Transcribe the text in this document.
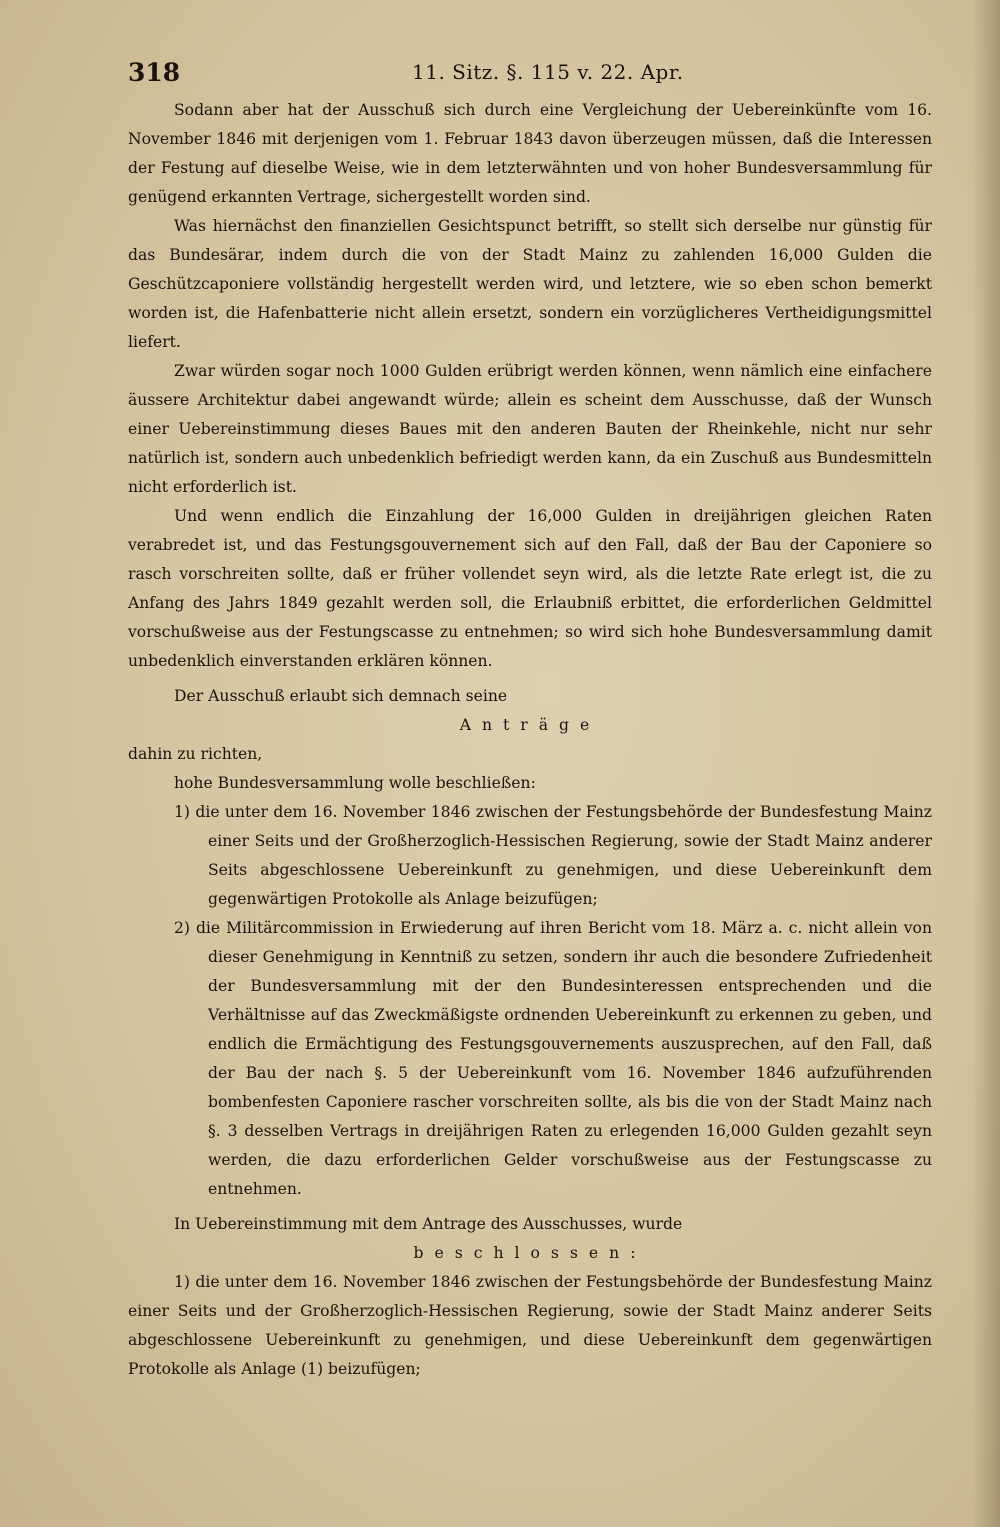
318	11. Sitz. §. 115 v. 22. Apr.

Sodann aber hat der Ausschuß sich durch eine Vergleichung der Uebereinkünfte vom 16. November 1846 mit derjenigen vom 1. Februar 1843 davon überzeugen müssen, daß die Interessen der Festung auf dieselbe Weise, wie in dem letzterwähnten und von hoher Bundesversammlung für genügend erkannten Vertrage, sichergestellt worden sind.

Was hiernächst den finanziellen Gesichtspunct betrifft, so stellt sich derselbe nur günstig für das Bundesärar, indem durch die von der Stadt Mainz zu zahlenden 16,000 Gulden die Geschützcaponiere vollständig hergestellt werden wird, und letztere, wie so eben schon bemerkt worden ist, die Hafenbatterie nicht allein ersetzt, sondern ein vorzüglicheres Vertheidigungsmittel liefert.

Zwar würden sogar noch 1000 Gulden erübrigt werden können, wenn nämlich eine einfachere äussere Architektur dabei angewandt würde; allein es scheint dem Ausschusse, daß der Wunsch einer Uebereinstimmung dieses Baues mit den anderen Bauten der Rheinkehle, nicht nur sehr natürlich ist, sondern auch unbedenklich befriedigt werden kann, da ein Zuschuß aus Bundesmitteln nicht erforderlich ist.

Und wenn endlich die Einzahlung der 16,000 Gulden in dreijährigen gleichen Raten verabredet ist, und das Festungsgouvernement sich auf den Fall, daß der Bau der Caponiere so rasch vorschreiten sollte, daß er früher vollendet seyn wird, als die letzte Rate erlegt ist, die zu Anfang des Jahrs 1849 gezahlt werden soll, die Erlaubniß erbittet, die erforderlichen Geldmittel vorschußweise aus der Festungscasse zu entnehmen; so wird sich hohe Bundesversammlung damit unbedenklich einverstanden erklären können.

Der Ausschuß erlaubt sich demnach seine

Anträge

dahin zu richten,

hohe Bundesversammlung wolle beschließen:

1) die unter dem 16. November 1846 zwischen der Festungsbehörde der Bundesfestung Mainz einer Seits und der Großherzoglich-Hessischen Regierung, sowie der Stadt Mainz anderer Seits abgeschlossene Uebereinkunft zu genehmigen, und diese Uebereinkunft dem gegenwärtigen Protokolle als Anlage beizufügen;

2) die Militärcommission in Erwiederung auf ihren Bericht vom 18. März a. c. nicht allein von dieser Genehmigung in Kenntniß zu setzen, sondern ihr auch die besondere Zufriedenheit der Bundesversammlung mit der den Bundesinteressen entsprechenden und die Verhältnisse auf das Zweckmäßigste ordnenden Uebereinkunft zu erkennen zu geben, und endlich die Ermächtigung des Festungsgouvernements auszusprechen, auf den Fall, daß der Bau der nach §. 5 der Uebereinkunft vom 16. November 1846 aufzuführenden bombenfesten Caponiere rascher vorschreiten sollte, als bis die von der Stadt Mainz nach §. 3 desselben Vertrags in dreijährigen Raten zu erlegenden 16,000 Gulden gezahlt seyn werden, die dazu erforderlichen Gelder vorschußweise aus der Festungscasse zu entnehmen.

In Uebereinstimmung mit dem Antrage des Ausschusses, wurde

beschlossen:

1) die unter dem 16. November 1846 zwischen der Festungsbehörde der Bundesfestung Mainz einer Seits und der Großherzoglich-Hessischen Regierung, sowie der Stadt Mainz anderer Seits abgeschlossene Uebereinkunft zu genehmigen, und diese Uebereinkunft dem gegenwärtigen Protokolle als Anlage (1) beizufügen;
